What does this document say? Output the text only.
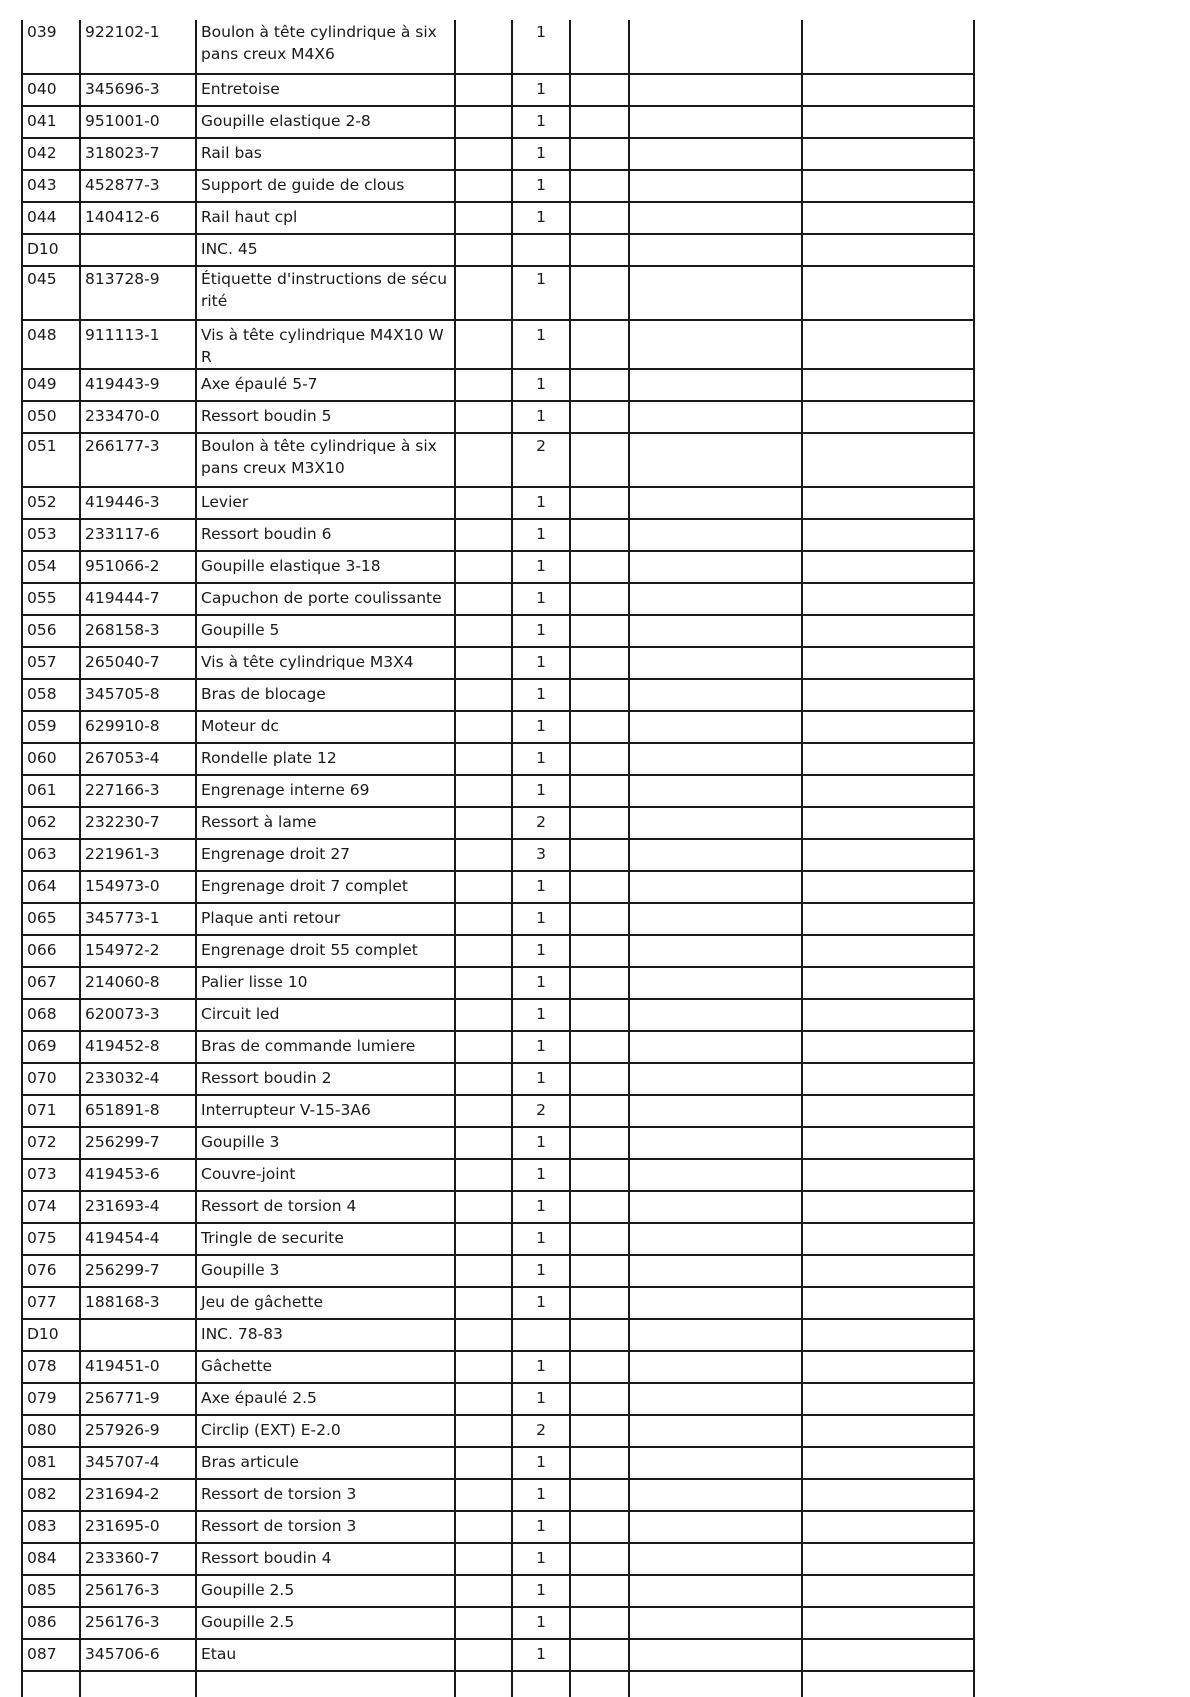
039	922102-1	Boulon à tête cylindrique à six pans creux M4X6		1			
040	345696-3	Entretoise		1			
041	951001-0	Goupille elastique 2-8		1			
042	318023-7	Rail bas		1			
043	452877-3	Support de guide de clous		1			
044	140412-6	Rail haut cpl		1			
D10		INC. 45					
045	813728-9	Étiquette d'instructions de sécurité		1			
048	911113-1	Vis à tête cylindrique M4X10 WR		1			
049	419443-9	Axe épaulé 5-7		1			
050	233470-0	Ressort boudin 5		1			
051	266177-3	Boulon à tête cylindrique à six pans creux M3X10		2			
052	419446-3	Levier		1			
053	233117-6	Ressort boudin 6		1			
054	951066-2	Goupille elastique 3-18		1			
055	419444-7	Capuchon de porte coulissante		1			
056	268158-3	Goupille 5		1			
057	265040-7	Vis à tête cylindrique M3X4		1			
058	345705-8	Bras de blocage		1			
059	629910-8	Moteur dc		1			
060	267053-4	Rondelle plate 12		1			
061	227166-3	Engrenage interne 69		1			
062	232230-7	Ressort à lame		2			
063	221961-3	Engrenage droit 27		3			
064	154973-0	Engrenage droit 7 complet		1			
065	345773-1	Plaque anti retour		1			
066	154972-2	Engrenage droit 55 complet		1			
067	214060-8	Palier lisse 10		1			
068	620073-3	Circuit led		1			
069	419452-8	Bras de commande lumiere		1			
070	233032-4	Ressort boudin 2		1			
071	651891-8	Interrupteur V-15-3A6		2			
072	256299-7	Goupille 3		1			
073	419453-6	Couvre-joint		1			
074	231693-4	Ressort de torsion 4		1			
075	419454-4	Tringle de securite		1			
076	256299-7	Goupille 3		1			
077	188168-3	Jeu de gâchette		1			
D10		INC. 78-83					
078	419451-0	Gâchette		1			
079	256771-9	Axe épaulé 2.5		1			
080	257926-9	Circlip (EXT) E-2.0		2			
081	345707-4	Bras articule		1			
082	231694-2	Ressort de torsion 3		1			
083	231695-0	Ressort de torsion 3		1			
084	233360-7	Ressort boudin 4		1			
085	256176-3	Goupille 2.5		1			
086	256176-3	Goupille 2.5		1			
087	345706-6	Etau		1			
